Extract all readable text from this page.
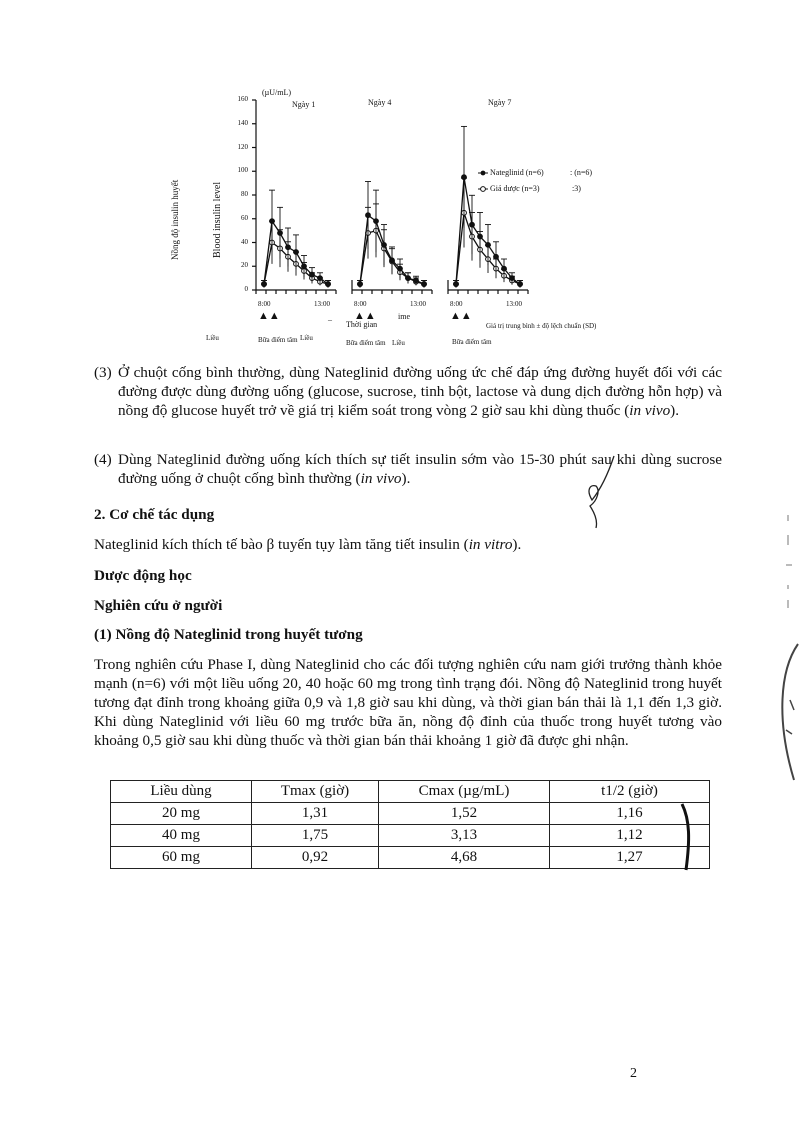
(µU/mL)
160
140
120
100
80
60
40
20
0
Nồng độ insulin huyết	Blood insulin level
Ngày 1	Ngày 4	Ngày 7
8:00	13:00	8:00	13:00	8:00	13:00
▲▲	▲▲	▲▲
–
Thời gian
ime
Giá trị trung bình ± độ lệch chuẩn (SD)
Liều	Bữa điểm tâm Liều
Bữa điểm tâm Liều	Bữa điểm tâm
Nateglinid (n=6)	: (n=6)
Giả dược (n=3)	:3)
(3) Ở chuột cống bình thường, dùng Nateglinid đường uống ức chế đáp ứng đường huyết đối với các đường được dùng đường uống (glucose, sucrose, tinh bột, lactose và dung dịch đường hỗn hợp) và nồng độ glucose huyết trở về giá trị kiểm soát trong vòng 2 giờ sau khi dùng thuốc (in vivo).
(4) Dùng Nateglinid đường uống kích thích sự tiết insulin sớm vào 15-30 phút sau khi dùng sucrose đường uống ở chuột cống bình thường (in vivo).
2. Cơ chế tác dụng
Nateglinid kích thích tế bào β tuyến tụy làm tăng tiết insulin (in vitro).
Dược động học
Nghiên cứu ở người
(1) Nồng độ Nateglinid trong huyết tương
Trong nghiên cứu Phase I, dùng Nateglinid cho các đối tượng nghiên cứu nam giới trưởng thành khỏe mạnh (n=6) với một liều uống 20, 40 hoặc 60 mg trong tình trạng đói. Nồng độ Nateglinid trong huyết tương đạt đỉnh trong khoảng giữa 0,9 và 1,8 giờ sau khi dùng, và thời gian bán thải là 1,1 đến 1,3 giờ. Khi dùng Nateglinid với liều 60 mg trước bữa ăn, nồng độ đỉnh của thuốc trong huyết tương vào khoảng 0,5 giờ sau khi dùng thuốc và thời gian bán thải khoảng 1 giờ đã được ghi nhận.
Liều dùng	Tmax (giờ)	Cmax (µg/mL)	t1/2 (giờ)
20 mg	1,31	1,52	1,16
40 mg	1,75	3,13	1,12
60 mg	0,92	4,68	1,27
2
